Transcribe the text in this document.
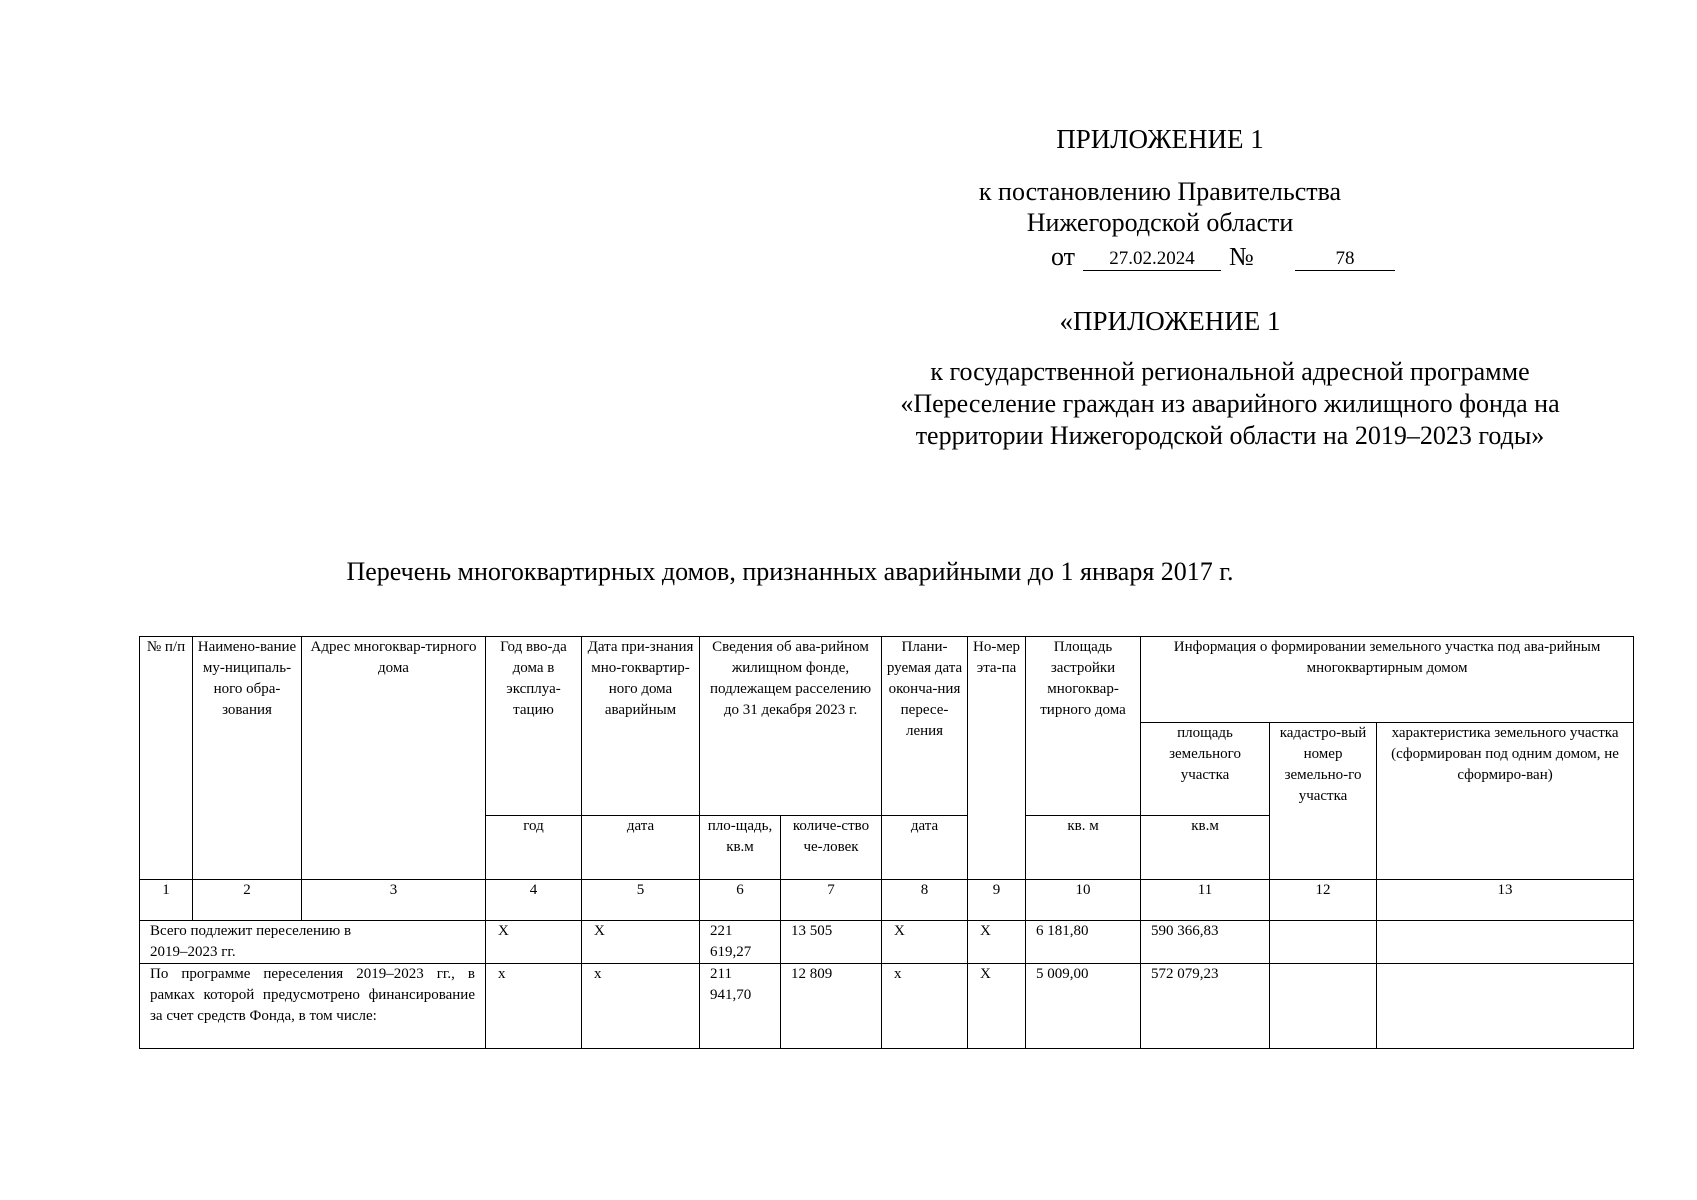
ПРИЛОЖЕНИЕ 1
к постановлению Правительства
Нижегородской области
от	27.02.2024	№	78
«ПРИЛОЖЕНИЕ 1
к государственной региональной адресной программе «Переселение граждан из аварийного жилищного фонда на территории Нижегородской области на 2019–2023 годы»
Перечень многоквартирных домов, признанных аварийными до 1 января 2017 г.
№ п/п	Наимено-вание му-ниципаль-ного обра-зования	Адрес многоквар-тирного дома	Год вво-да дома в эксплуа-тацию	Дата при-знания мно-гоквартир-ного дома аварийным	Сведения об ава-рийном жилищном фонде, подлежащем расселению до 31 декабря 2023 г.		Плани-руемая дата оконча-ния пересе-ления	Но-мер эта-па	Площадь застройки многоквар-тирного дома	Информация о формировании земельного участка под ава-рийным многоквартирным домом		
										площадь земельного участка	кадастро-вый номер земельно-го участка	характеристика земельного участка (сформирован под одним домом, не сформиро-ван)
			год	дата	пло-щадь, кв.м	количе-ство че-ловек	дата		кв. м	кв.м		
1	2	3	4	5	6	7	8	9	10	11	12	13
Всего подлежит переселению в 2019–2023 гг.			X	X	221 619,27	13 505	X	X	6 181,80	590 366,83		
По программе переселения 2019–2023 гг., в рамках которой предусмотрено финансирование за счет средств Фонда, в том числе:			х	х	211 941,70	12 809	х	Х	5 009,00	572 079,23		
